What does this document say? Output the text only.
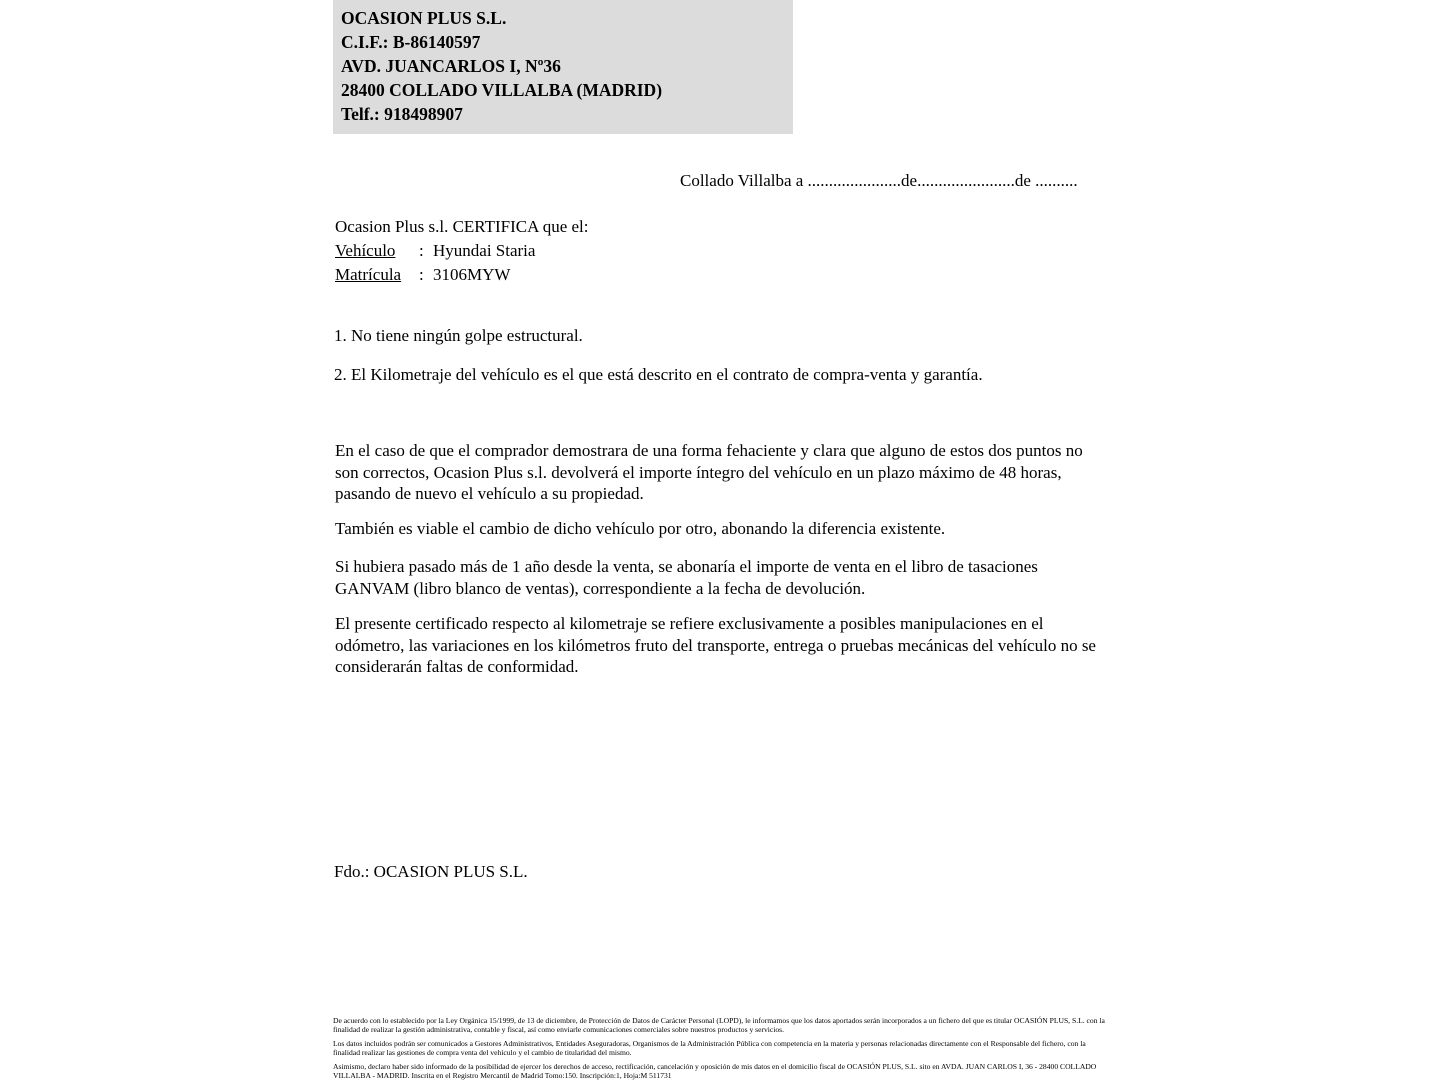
OCASION PLUS S.L.
C.I.F.: B-86140597
AVD. JUANCARLOS I, Nº36
28400 COLLADO VILLALBA (MADRID)
Telf.: 918498907
Collado Villalba a ......................de.......................de ..........
Ocasion Plus s.l. CERTIFICA que el:
Vehículo	: Hyundai Staria
Matrícula	: 3106MYW
1. No tiene ningún golpe estructural.
2. El Kilometraje del vehículo es el que está descrito en el contrato de compra-venta y garantía.
En el caso de que el comprador demostrara de una forma fehaciente y clara que alguno de estos dos puntos no son correctos, Ocasion Plus s.l. devolverá el importe íntegro del vehículo en un plazo máximo de 48 horas, pasando de nuevo el vehículo a su propiedad.
También es viable el cambio de dicho vehículo por otro, abonando la diferencia existente.
Si hubiera pasado más de 1 año desde la venta, se abonaría el importe de venta en el libro de tasaciones GANVAM (libro blanco de ventas), correspondiente a la fecha de devolución.
El presente certificado respecto al kilometraje se refiere exclusivamente a posibles manipulaciones en el odómetro, las variaciones en los kilómetros fruto del transporte, entrega o pruebas mecánicas del vehículo no se considerarán faltas de conformidad.
Fdo.: OCASION PLUS S.L.

De acuerdo con lo establecido por la Ley Orgánica 15/1999, de 13 de diciembre, de Protección de Datos de Carácter Personal (LOPD), le informamos que los datos aportados serán incorporados a un fichero del que es titular OCASIÓN PLUS, S.L. con la finalidad de realizar la gestión administrativa, contable y fiscal, así como enviarle comunicaciones comerciales sobre nuestros productos y servicios.

Los datos incluidos podrán ser comunicados a Gestores Administrativos, Entidades Aseguradoras, Organismos de la Administración Pública con competencia en la materia y personas relacionadas directamente con el Responsable del fichero, con la finalidad realizar las gestiones de compra venta del vehículo y el cambio de titularidad del mismo.

Asimismo, declaro haber sido informado de la posibilidad de ejercer los derechos de acceso, rectificación, cancelación y oposición de mis datos en el domicilio fiscal de OCASIÓN PLUS, S.L. sito en AVDA. JUAN CARLOS I, 36 - 28400 COLLADO VILLALBA - MADRID. Inscrita en el Registro Mercantil de Madrid Tomo:150. Inscripción:1, Hoja:M 511731
